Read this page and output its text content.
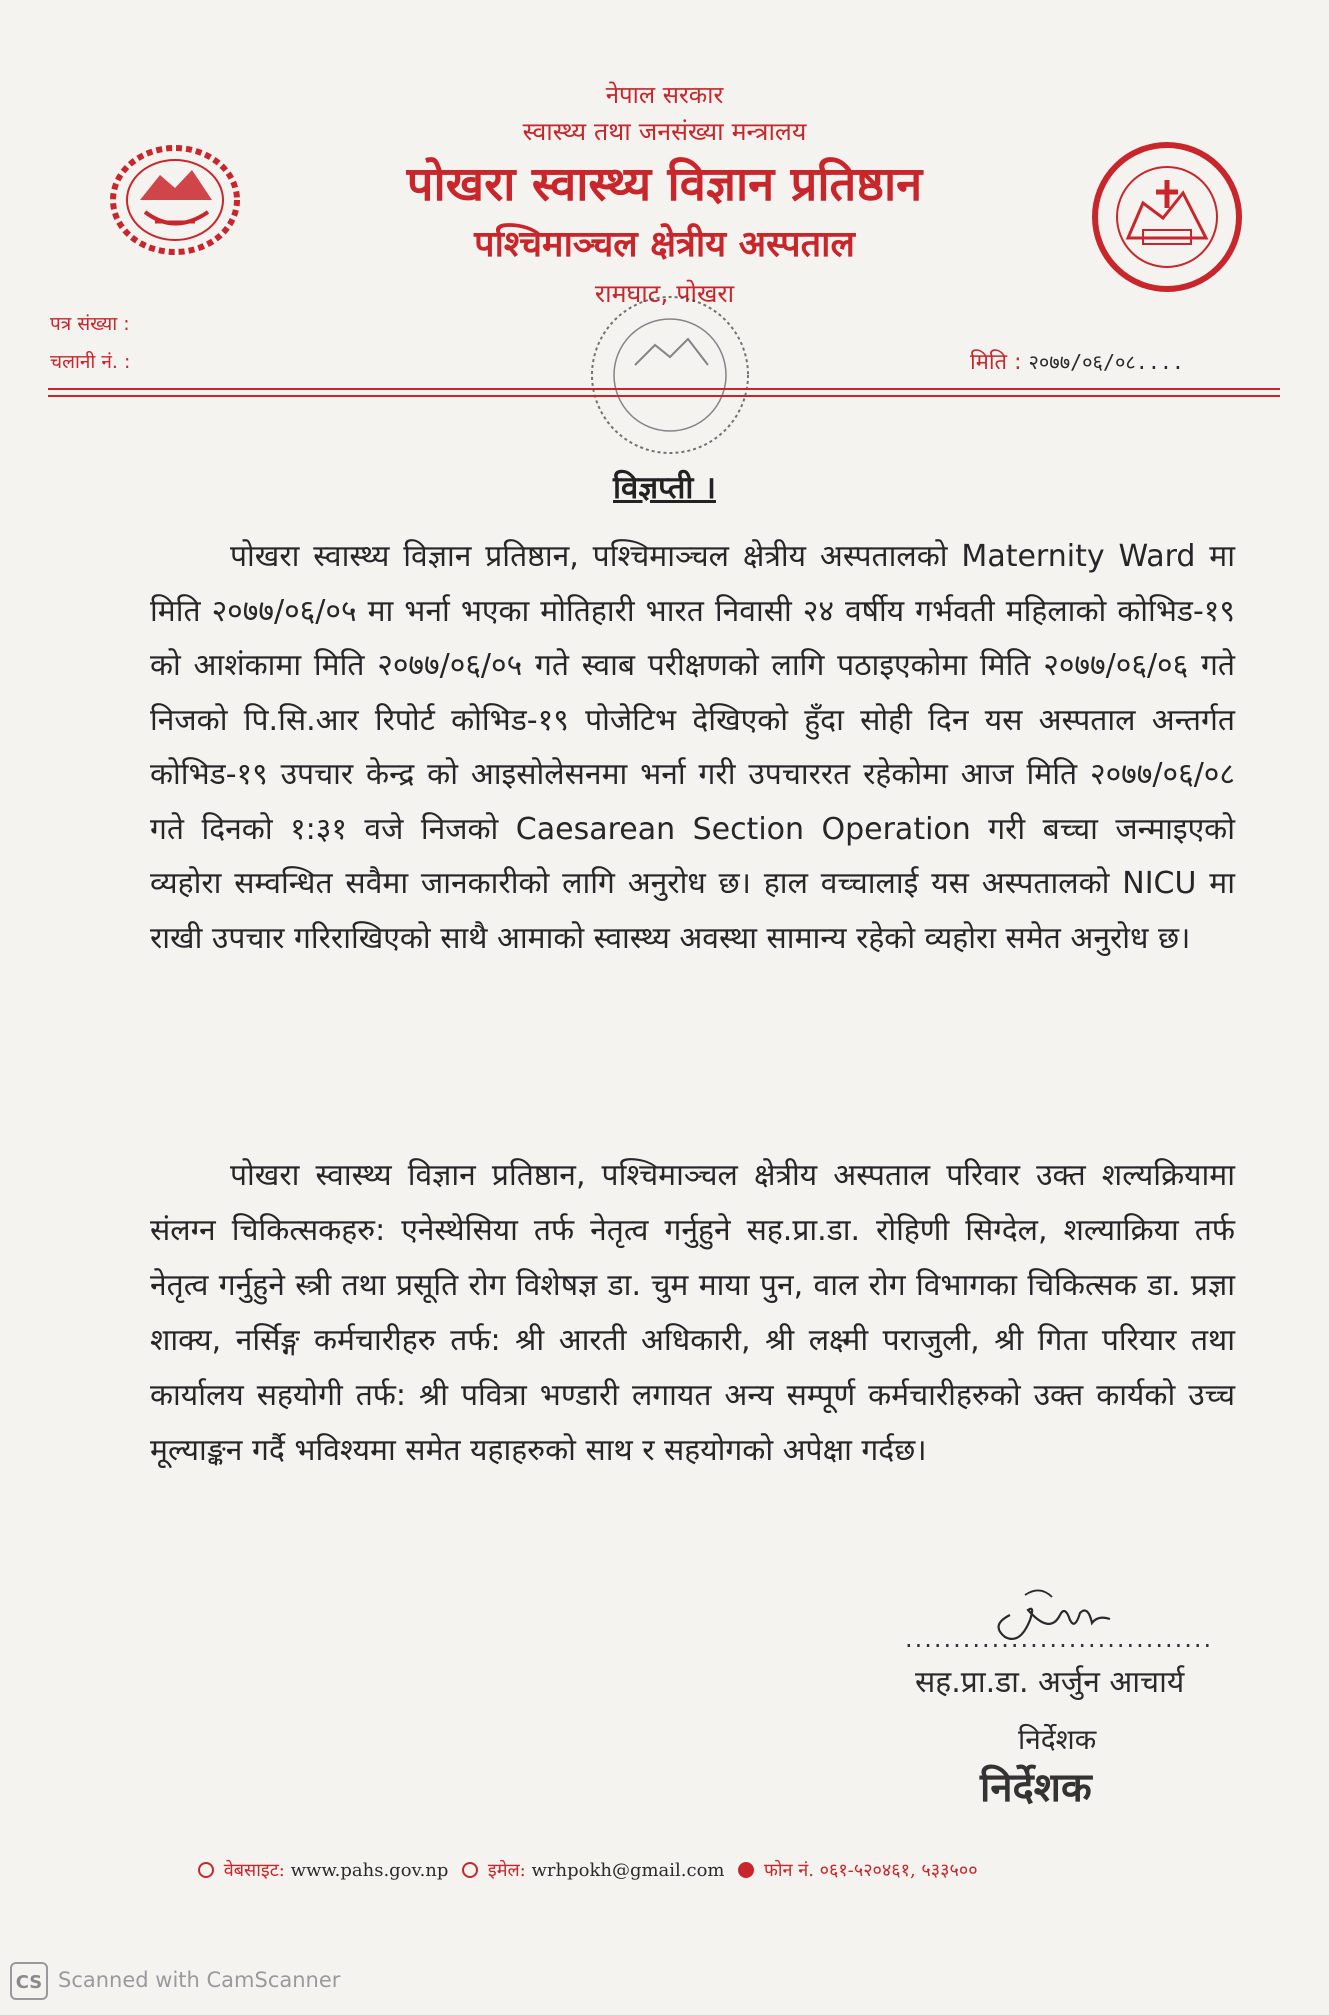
नेपाल सरकार
स्वास्थ्य तथा जनसंख्या मन्त्रालय
पोखरा स्वास्थ्य विज्ञान प्रतिष्ठान
पश्चिमाञ्चल क्षेत्रीय अस्पताल
रामघाट, पोखरा
पत्र संख्या :
चलानी नं. :	मिति : २०७७/०६/०८....
विज्ञप्ती ।
पोखरा स्वास्थ्य विज्ञान प्रतिष्ठान, पश्चिमाञ्चल क्षेत्रीय अस्पतालको Maternity Ward मा मिति २०७७/०६/०५ मा भर्ना भएका मोतिहारी भारत निवासी २४ वर्षीय गर्भवती महिलाको कोभिड-१९ को आशंकामा मिति २०७७/०६/०५ गते स्वाब परीक्षणको लागि पठाइएकोमा मिति २०७७/०६/०६ गते निजको पि.सि.आर रिपोर्ट कोभिड-१९ पोजेटिभ देखिएको हुँदा सोही दिन यस अस्पताल अन्तर्गत कोभिड-१९ उपचार केन्द्र को आइसोलेसनमा भर्ना गरी उपचाररत रहेकोमा आज मिति २०७७/०६/०८ गते दिनको १:३१ वजे निजको Caesarean Section Operation गरी बच्चा जन्माइएको व्यहोरा सम्वन्धित सवैमा जानकारीको लागि अनुरोध छ। हाल वच्चालाई यस अस्पतालको NICU मा राखी उपचार गरिराखिएको साथै आमाको स्वास्थ्य अवस्था सामान्य रहेको व्यहोरा समेत अनुरोध छ।
पोखरा स्वास्थ्य विज्ञान प्रतिष्ठान, पश्चिमाञ्चल क्षेत्रीय अस्पताल परिवार उक्त शल्यक्रियामा संलग्न चिकित्सकहरु: एनेस्थेसिया तर्फ नेतृत्व गर्नुहुने सह.प्रा.डा. रोहिणी सिग्देल, शल्याक्रिया तर्फ नेतृत्व गर्नुहुने स्त्री तथा प्रसूति रोग विशेषज्ञ डा. चुम माया पुन, वाल रोग विभागका चिकित्सक डा. प्रज्ञा शाक्य, नर्सिङ्ग कर्मचारीहरु तर्फ: श्री आरती अधिकारी, श्री लक्ष्मी पराजुली, श्री गिता परियार तथा कार्यालय सहयोगी तर्फ: श्री पवित्रा भण्डारी लगायत अन्य सम्पूर्ण कर्मचारीहरुको उक्त कार्यको उच्च मूल्याङ्कन गर्दै भविश्यमा समेत यहाहरुको साथ र सहयोगको अपेक्षा गर्दछ।
................................
सह.प्रा.डा. अर्जुन आचार्य
निर्देशक
निर्देशक
वेबसाइट: www.pahs.gov.np इमेल: wrhpokh@gmail.com फोन नं. ०६१-५२०४६१, ५३३५००
CS Scanned with CamScanner
